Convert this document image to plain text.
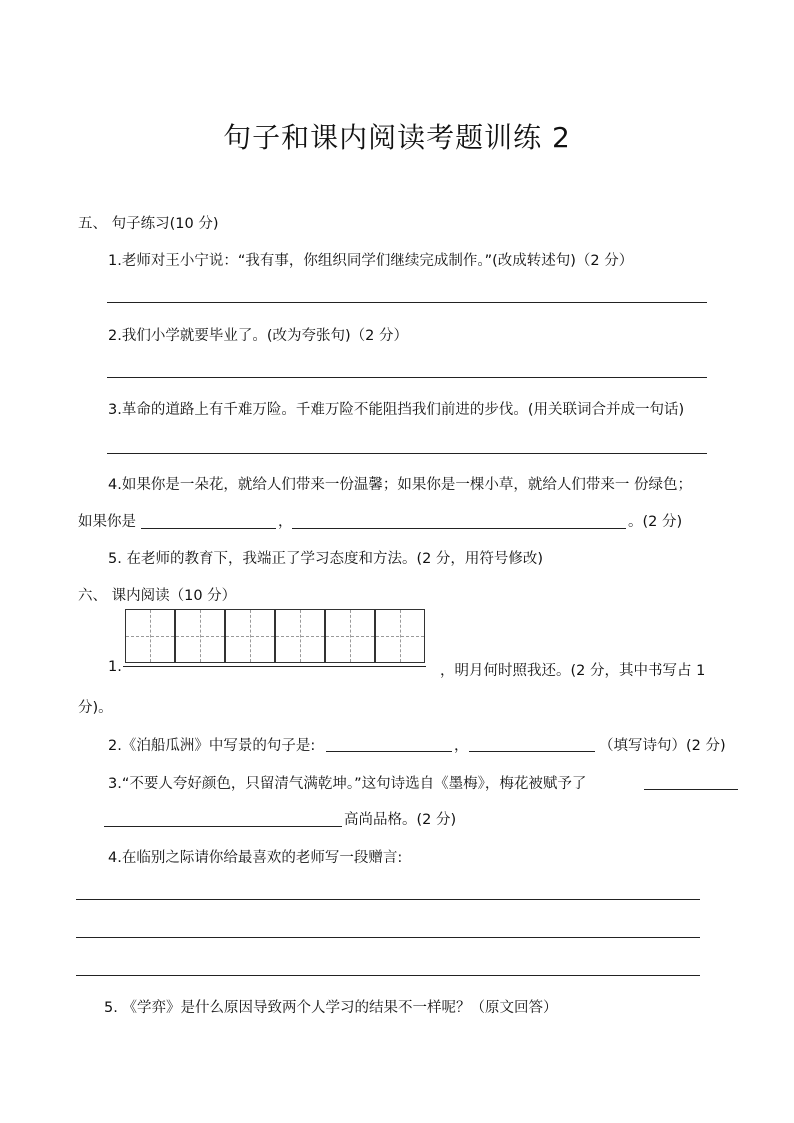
句子和课内阅读考题训练 2
五、 句子练习(10 分)
1.老师对王小宁说：“我有事，你组织同学们继续完成制作。”(改成转述句)（2 分）
2.我们小学就要毕业了。(改为夸张句)（2 分）
3.革命的道路上有千难万险。千难万险不能阻挡我们前进的步伐。(用关联词合并成一句话)
4.如果你是一朵花，就给人们带来一份温馨；如果你是一棵小草，就给人们带来一 份绿色；
如果你是	，	。(2 分)
5. 在老师的教育下，我端正了学习态度和方法。(2 分，用符号修改)
六、 课内阅读（10 分）
1.	，明月何时照我还。(2 分，其中书写占 1
分)。
2.《泊船瓜洲》中写景的句子是:	，	（填写诗句）(2 分)
3.“不要人夸好颜色，只留清气满乾坤。”这句诗选自《墨梅》，梅花被赋予了
高尚品格。(2 分)
4.在临别之际请你给最喜欢的老师写一段赠言:
5. 《学弈》是什么原因导致两个人学习的结果不一样呢？（原文回答）
